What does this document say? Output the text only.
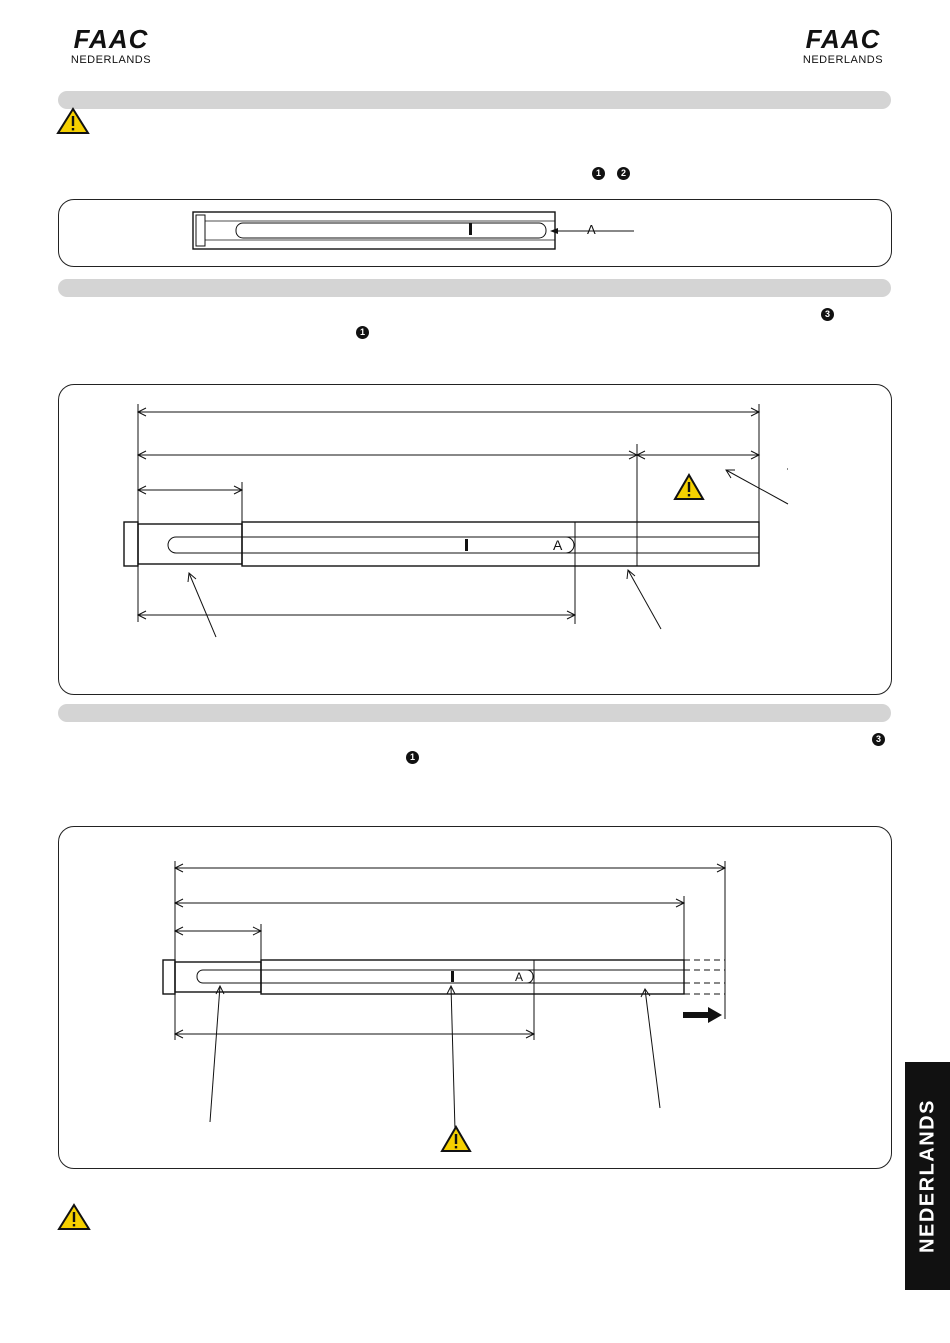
FAAC
NEDERLANDS
FAAC
NEDERLANDS
1	2
A
3
1
A
3
1
A
NEDERLANDS
